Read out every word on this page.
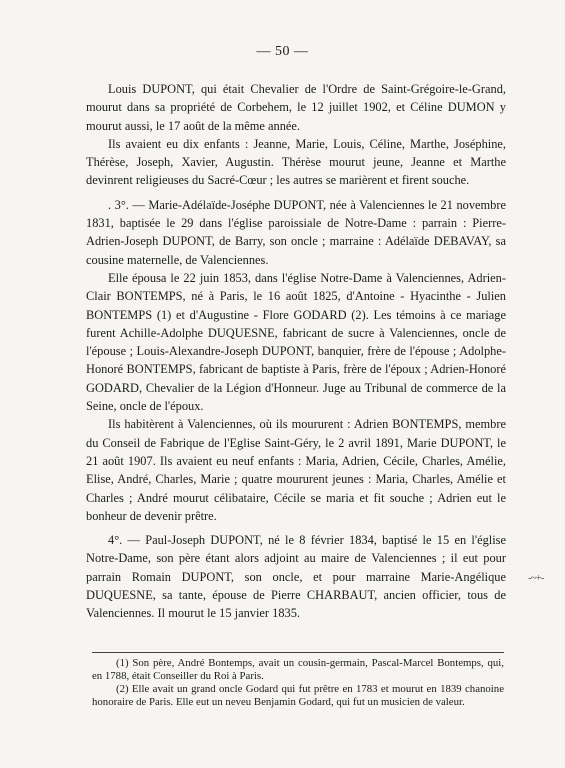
— 50 —

Louis DUPONT, qui était Chevalier de l'Ordre de Saint-Grégoire-le-Grand, mourut dans sa propriété de Corbehem, le 12 juillet 1902, et Céline DUMON y mourut aussi, le 17 août de la même année.

Ils avaient eu dix enfants : Jeanne, Marie, Louis, Céline, Marthe, Joséphine, Thérèse, Joseph, Xavier, Augustin. Thérèse mourut jeune, Jeanne et Marthe devinrent religieuses du Sacré-Cœur ; les autres se marièrent et firent souche.

. 3°. — Marie-Adélaïde-Joséphe DUPONT, née à Valenciennes le 21 novembre 1831, baptisée le 29 dans l'église paroissiale de Notre-Dame : parrain : Pierre-Adrien-Joseph DUPONT, de Barry, son oncle ; marraine : Adélaïde DEBAVAY, sa cousine maternelle, de Valenciennes.

Elle épousa le 22 juin 1853, dans l'église Notre-Dame à Valenciennes, Adrien-Clair BONTEMPS, né à Paris, le 16 août 1825, d'Antoine - Hyacinthe - Julien BONTEMPS (1) et d'Augustine - Flore GODARD (2). Les témoins à ce mariage furent Achille-Adolphe DUQUESNE, fabricant de sucre à Valenciennes, oncle de l'épouse ; Louis-Alexandre-Joseph DUPONT, banquier, frère de l'épouse ; Adolphe-Honoré BONTEMPS, fabricant de baptiste à Paris, frère de l'époux ; Adrien-Honoré GODARD, Chevalier de la Légion d'Honneur. Juge au Tribunal de commerce de la Seine, oncle de l'époux.

Ils habitèrent à Valenciennes, où ils moururent : Adrien BONTEMPS, membre du Conseil de Fabrique de l'Eglise Saint-Géry, le 2 avril 1891, Marie DUPONT, le 21 août 1907. Ils avaient eu neuf enfants : Maria, Adrien, Cécile, Charles, Amélie, Elise, André, Charles, Marie ; quatre moururent jeunes : Maria, Charles, Amélie et Charles ; André mourut célibataire, Cécile se maria et fit souche ; Adrien eut le bonheur de devenir prêtre.

4°. — Paul-Joseph DUPONT, né le 8 février 1834, baptisé le 15 en l'église Notre-Dame, son père étant alors adjoint au maire de Valenciennes ; il eut pour parrain Romain DUPONT, son oncle, et pour marraine Marie-Angélique DUQUESNE, sa tante, épouse de Pierre CHARBAUT, ancien officier, tous de Valenciennes. Il mourut le 15 janvier 1835.

-~+-

(1) Son père, André Bontemps, avait un cousin-germain, Pascal-Marcel Bontemps, qui, en 1788, était Conseiller du Roi à Paris.

(2) Elle avait un grand oncle Godard qui fut prêtre en 1783 et mourut en 1839 chanoine honoraire de Paris. Elle eut un neveu Benjamin Godard, qui fut un musicien de valeur.
